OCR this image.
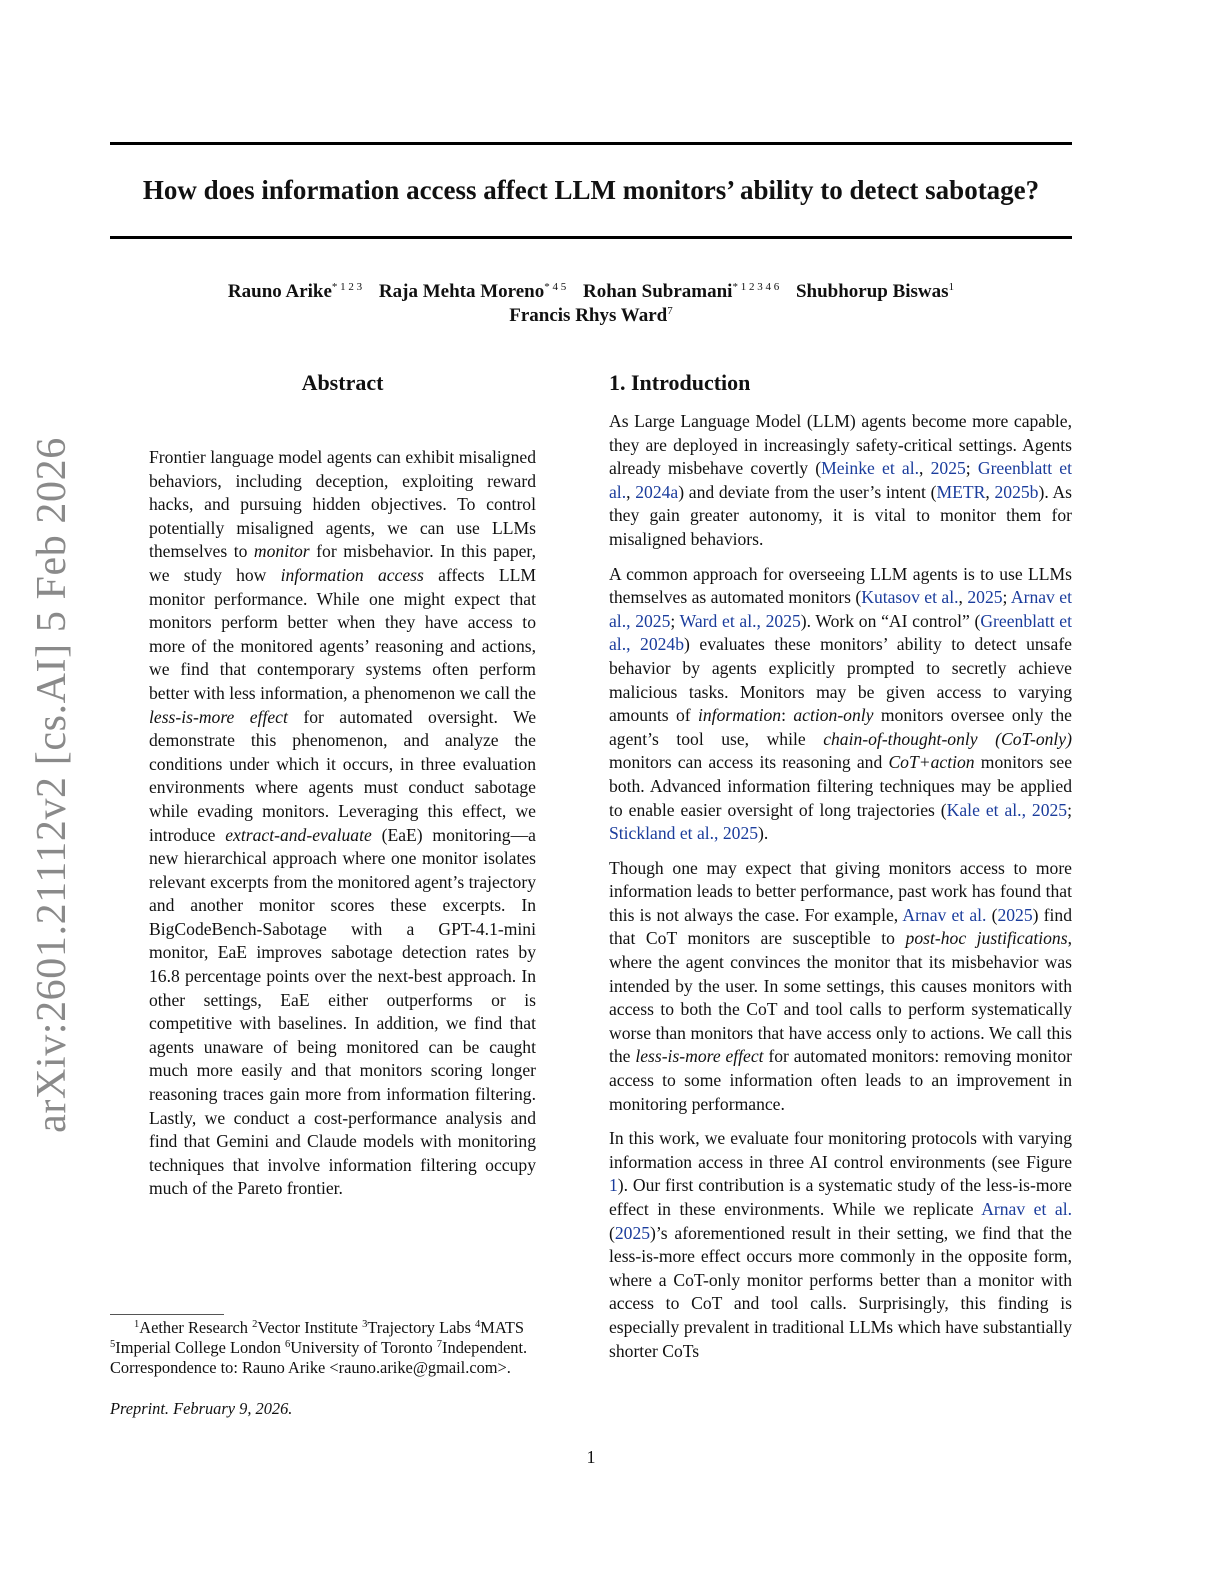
How does information access affect LLM monitors’ ability to detect sabotage?
arXiv:2601.21112v2 [cs.AI] 5 Feb 2026
Rauno Arike$^{* 1 2 3}$ Raja Mehta Moreno$^{* 4 5}$ Rohan Subramani$^{* 1 2 3 4 6}$ Shubhorup Biswas$^1$
Francis Rhys Ward$^7$
Abstract

Frontier language model agents can exhibit misaligned behaviors, including deception, exploiting reward hacks, and pursuing hidden objectives. To control potentially misaligned agents, we can use LLMs themselves to monitor for misbehavior. In this paper, we study how information access affects LLM monitor performance. While one might expect that monitors perform better when they have access to more of the monitored agents’ reasoning and actions, we find that contemporary systems often perform better with less information, a phenomenon we call the less-is-more effect for automated oversight. We demonstrate this phenomenon, and analyze the conditions under which it occurs, in three evaluation environments where agents must conduct sabotage while evading monitors. Leveraging this effect, we introduce extract-and-evaluate (EaE) monitoring—a new hierarchical approach where one monitor isolates relevant excerpts from the monitored agent’s trajectory and another monitor scores these excerpts. In BigCodeBench-Sabotage with a GPT-4.1-mini monitor, EaE improves sabotage detection rates by 16.8 percentage points over the next-best approach. In other settings, EaE either outperforms or is competitive with baselines. In addition, we find that agents unaware of being monitored can be caught much more easily and that monitors scoring longer reasoning traces gain more from information filtering. Lastly, we conduct a cost-performance analysis and find that Gemini and Claude models with monitoring techniques that involve information filtering occupy much of the Pareto frontier.

$^1$Aether Research $^2$Vector Institute $^3$Trajectory Labs $^4$MATS
$^5$Imperial College London $^6$University of Toronto $^7$Independent.
Correspondence to: Rauno Arike <rauno.arike@gmail.com>.
Preprint. February 9, 2026.
1. Introduction

As Large Language Model (LLM) agents become more capable, they are deployed in increasingly safety-critical settings. Agents already misbehave covertly (Meinke et al., 2025; Greenblatt et al., 2024a) and deviate from the user’s intent (METR, 2025b). As they gain greater autonomy, it is vital to monitor them for misaligned behaviors.

A common approach for overseeing LLM agents is to use LLMs themselves as automated monitors (Kutasov et al., 2025; Arnav et al., 2025; Ward et al., 2025). Work on “AI control” (Greenblatt et al., 2024b) evaluates these monitors’ ability to detect unsafe behavior by agents explicitly prompted to secretly achieve malicious tasks. Monitors may be given access to varying amounts of information: action-only monitors oversee only the agent’s tool use, while chain-of-thought-only (CoT-only) monitors can access its reasoning and CoT+action monitors see both. Advanced information filtering techniques may be applied to enable easier oversight of long trajectories (Kale et al., 2025; Stickland et al., 2025).

Though one may expect that giving monitors access to more information leads to better performance, past work has found that this is not always the case. For example, Arnav et al. (2025) find that CoT monitors are susceptible to post-hoc justifications, where the agent convinces the monitor that its misbehavior was intended by the user. In some settings, this causes monitors with access to both the CoT and tool calls to perform systematically worse than monitors that have access only to actions. We call this the less-is-more effect for automated monitors: removing monitor access to some information often leads to an improvement in monitoring performance.

In this work, we evaluate four monitoring protocols with varying information access in three AI control environments (see Figure 1). Our first contribution is a systematic study of the less-is-more effect in these environments. While we replicate Arnav et al. (2025)’s aforementioned result in their setting, we find that the less-is-more effect occurs more commonly in the opposite form, where a CoT-only monitor performs better than a monitor with access to CoT and tool calls. Surprisingly, this finding is especially prevalent in traditional LLMs which have substantially shorter CoTs

1
